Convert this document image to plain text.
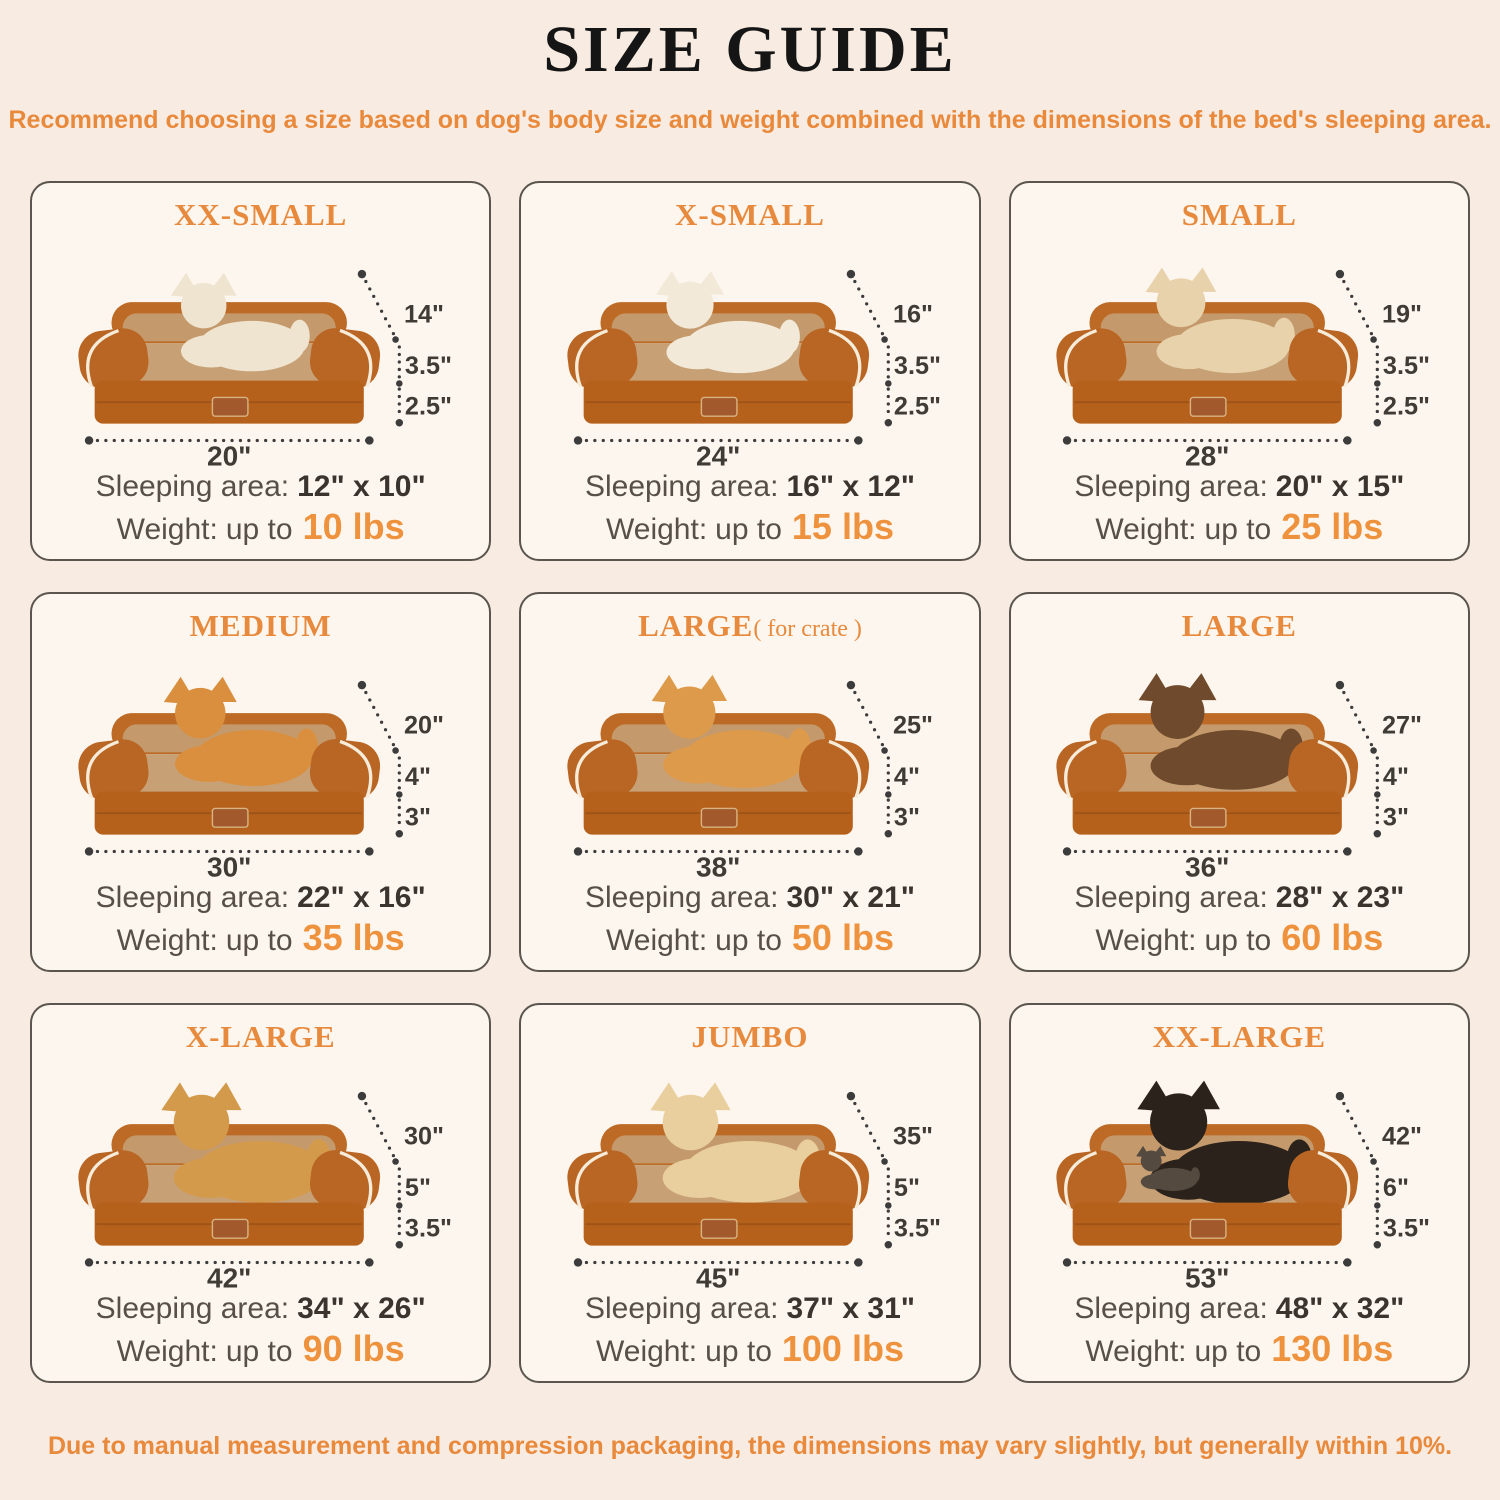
SIZE GUIDE
Recommend choosing a size based on dog's body size and weight combined with the dimensions of the bed's sleeping area.
XX-SMALL
14"
3.5"
2.5"
20"
Sleeping area: 12" x 10"
Weight: up to 10 lbs
X-SMALL
16"
3.5"
2.5"
24"
Sleeping area: 16" x 12"
Weight: up to 15 lbs
SMALL
19"
3.5"
2.5"
28"
Sleeping area: 20" x 15"
Weight: up to 25 lbs
MEDIUM
20"
4"
3"
30"
Sleeping area: 22" x 16"
Weight: up to 35 lbs
LARGE( for crate )
25"
4"
3"
38"
Sleeping area: 30" x 21"
Weight: up to 50 lbs
LARGE
27"
4"
3"
36"
Sleeping area: 28" x 23"
Weight: up to 60 lbs
X-LARGE
30"
5"
3.5"
42"
Sleeping area: 34" x 26"
Weight: up to 90 lbs
JUMBO
35"
5"
3.5"
45"
Sleeping area: 37" x 31"
Weight: up to 100 lbs
XX-LARGE
42"
6"
3.5"
53"
Sleeping area: 48" x 32"
Weight: up to 130 lbs
Due to manual measurement and compression packaging, the dimensions may vary slightly, but generally within 10%.
